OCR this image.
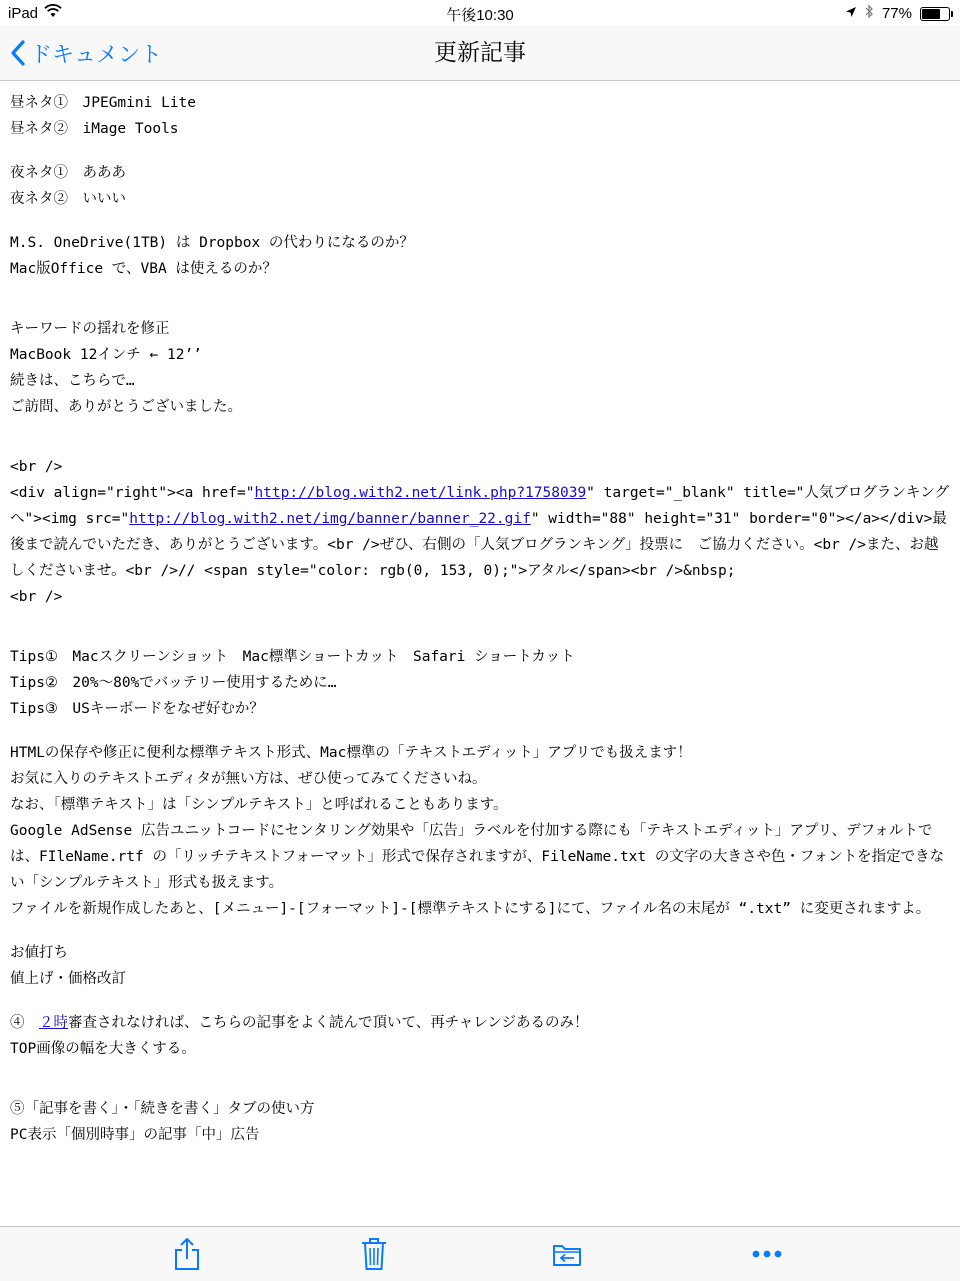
iPad	午後10:30	77%
ドキュメント	更新記事
昼ネタ①　JPEGmini Lite
昼ネタ②　iMage Tools
夜ネタ①　あああ
夜ネタ②　いいい
M.S. OneDrive(1TB) は Dropbox の代わりになるのか？
Mac版Office で、VBA は使えるのか？
キーワードの揺れを修正
MacBook 12インチ ← 12’’
続きは、こちらで…
ご訪問、ありがとうございました。
<br />
<div align="right"><a href="http://blog.with2.net/link.php?1758039" target="_blank" title="人気ブログランキングへ"><img src="http://blog.with2.net/img/banner/banner_22.gif" width="88" height="31" border="0"></a></div>最後まで読んでいただき、ありがとうございます。<br />ぜひ、右側の「人気ブログランキング」投票に　ご協力ください。<br />また、お越しくださいませ。<br />// <span style="color: rgb(0, 153, 0);">アタル</span><br />&nbsp;
<br />
Tips①　Macスクリーンショット　Mac標準ショートカット　Safari ショートカット
Tips②　20%〜80%でバッテリー使用するために…
Tips③　USキーボードをなぜ好むか？
HTMLの保存や修正に便利な標準テキスト形式、Mac標準の「テキストエディット」アプリでも扱えます！
お気に入りのテキストエディタが無い方は、ぜひ使ってみてくださいね。
なお、「標準テキスト」は「シンプルテキスト」と呼ばれることもあります。
Google AdSense 広告ユニットコードにセンタリング効果や「広告」ラベルを付加する際にも「テキストエディット」アプリ、デフォルトでは、FIleName.rtf の「リッチテキストフォーマット」形式で保存されますが、FileName.txt の文字の大きさや色・フォントを指定できない「シンプルテキスト」形式も扱えます。
ファイルを新規作成したあと、[メニュー]-[フォーマット]-[標準テキストにする]にて、ファイル名の末尾が “.txt” に変更されますよ。
お値打ち
値上げ・価格改訂
④　２時審査されなければ、こちらの記事をよく読んで頂いて、再チャレンジあるのみ！
TOP画像の幅を大きくする。
⑤「記事を書く」・「続きを書く」タブの使い方
PC表示「個別時事」の記事「中」広告
